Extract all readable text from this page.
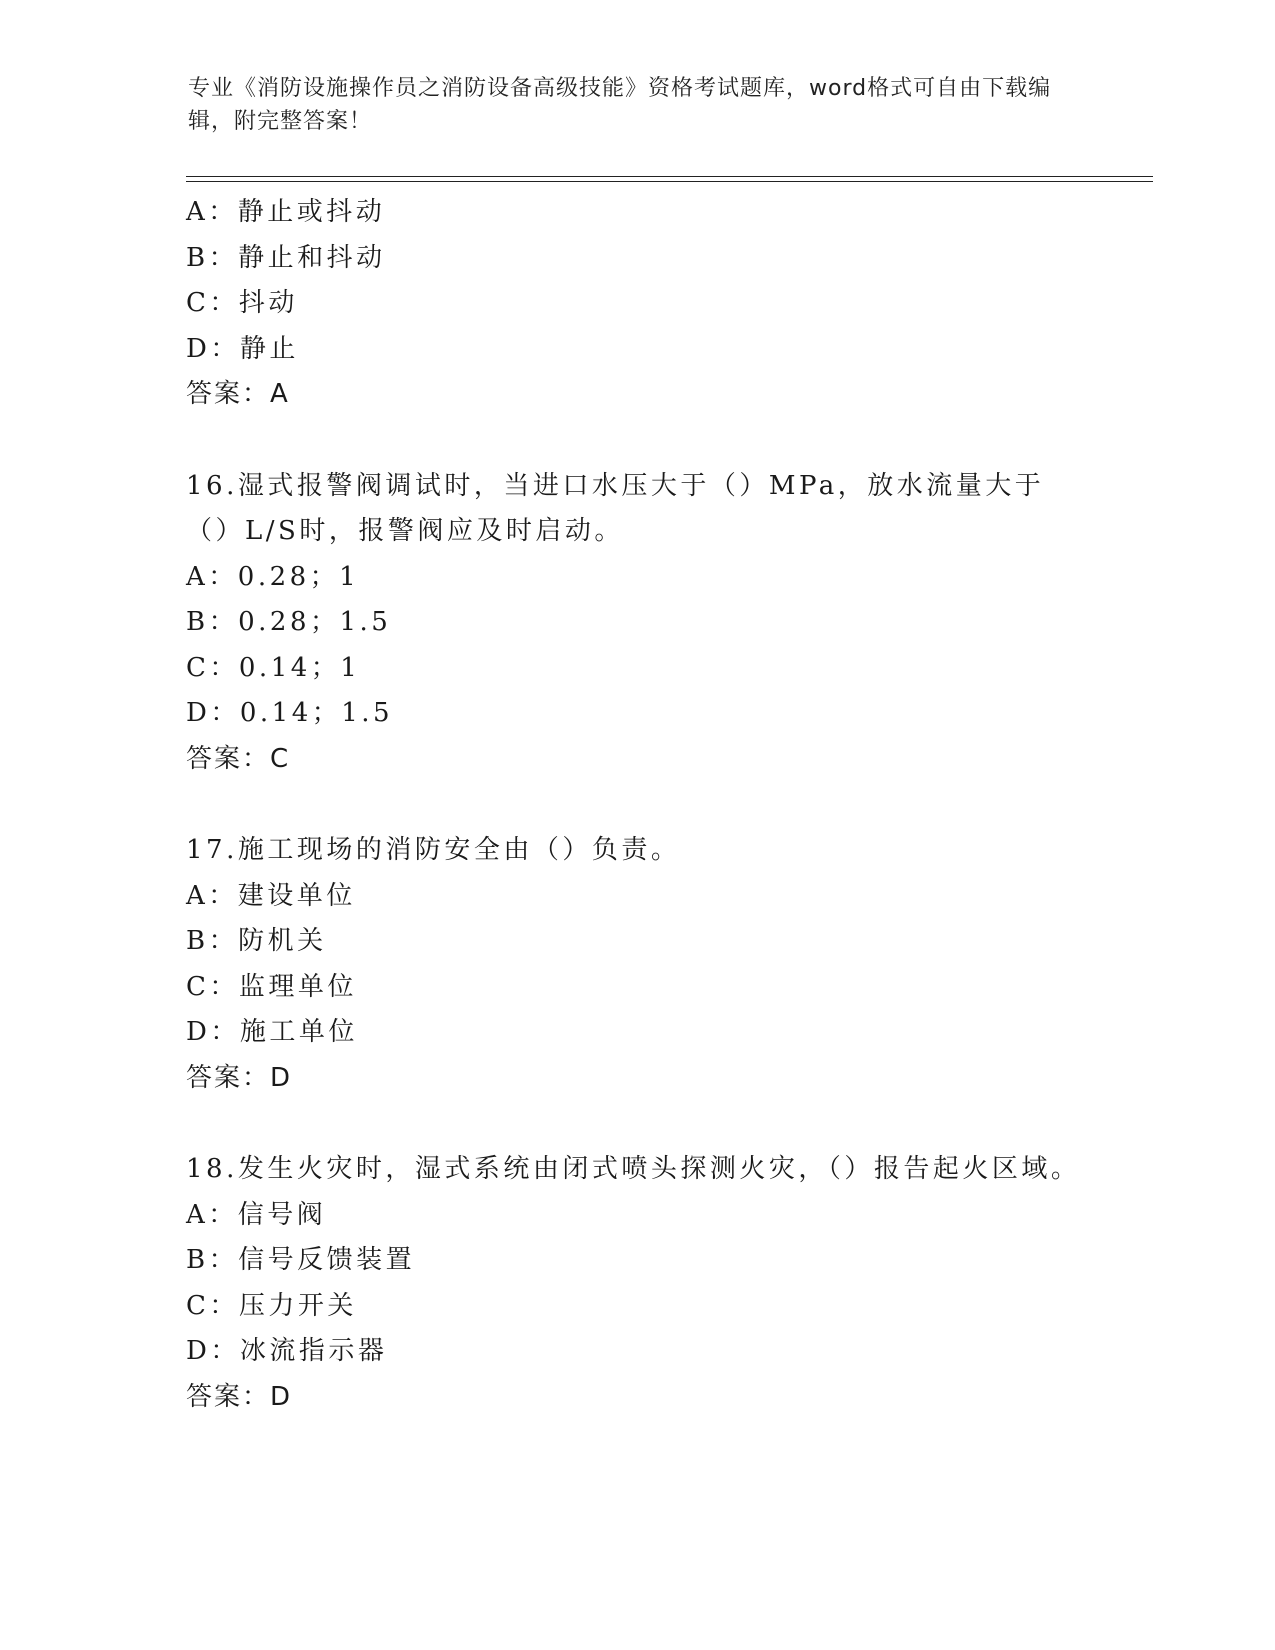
专业《消防设施操作员之消防设备高级技能》资格考试题库，word格式可自由下载编辑，附完整答案！
A：静止或抖动
B：静止和抖动
C：抖动
D：静止
答案：A
16.湿式报警阀调试时，当进口水压大于（）MPa，放水流量大于（）L/S时，报警阀应及时启动。
A：0.28；1
B：0.28；1.5
C：0.14；1
D：0.14；1.5
答案：C
17.施工现场的消防安全由（）负责。
A：建设单位
B：防机关
C：监理单位
D：施工单位
答案：D
18.发生火灾时，湿式系统由闭式喷头探测火灾，（）报告起火区域。
A：信号阀
B：信号反馈装置
C：压力开关
D：冰流指示器
答案：D
